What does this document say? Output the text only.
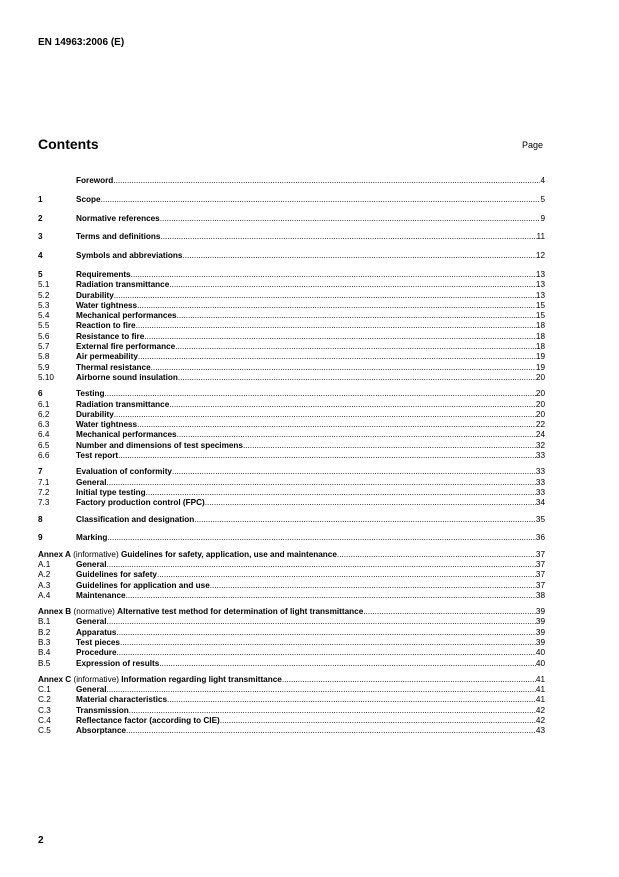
EN 14963:2006 (E)
Contents	Page
Foreword .....	4
1	Scope .....	5
2	Normative references .....	9
3	Terms and definitions .....	11
4	Symbols and abbreviations .....	12
5	Requirements .....	13
5.1	Radiation transmittance .....	13
5.2	Durability .....	13
5.3	Water tightness .....	15
5.4	Mechanical performances .....	15
5.5	Reaction to fire .....	18
5.6	Resistance to fire .....	18
5.7	External fire performance .....	18
5.8	Air permeability .....	19
5.9	Thermal resistance .....	19
5.10	Airborne sound insulation .....	20
6	Testing .....	20
6.1	Radiation transmittance .....	20
6.2	Durability .....	20
6.3	Water tightness .....	22
6.4	Mechanical performances .....	24
6.5	Number and dimensions of test specimens .....	32
6.6	Test report .....	33
7	Evaluation of conformity .....	33
7.1	General .....	33
7.2	Initial type testing .....	33
7.3	Factory production control (FPC) .....	34
8	Classification and designation .....	35
9	Marking .....	36
Annex A (informative) Guidelines for safety, application, use and maintenance .....	37
A.1	General .....	37
A.2	Guidelines for safety .....	37
A.3	Guidelines for application and use .....	37
A.4	Maintenance .....	38
Annex B (normative) Alternative test method for determination of light transmittance .....	39
B.1	General .....	39
B.2	Apparatus .....	39
B.3	Test pieces .....	39
B.4	Procedure .....	40
B.5	Expression of results .....	40
Annex C (informative) Information regarding light transmittance .....	41
C.1	General .....	41
C.2	Material characteristics .....	41
C.3	Transmission .....	42
C.4	Reflectance factor (according to CIE) .....	42
C.5	Absorptance .....	43
2
